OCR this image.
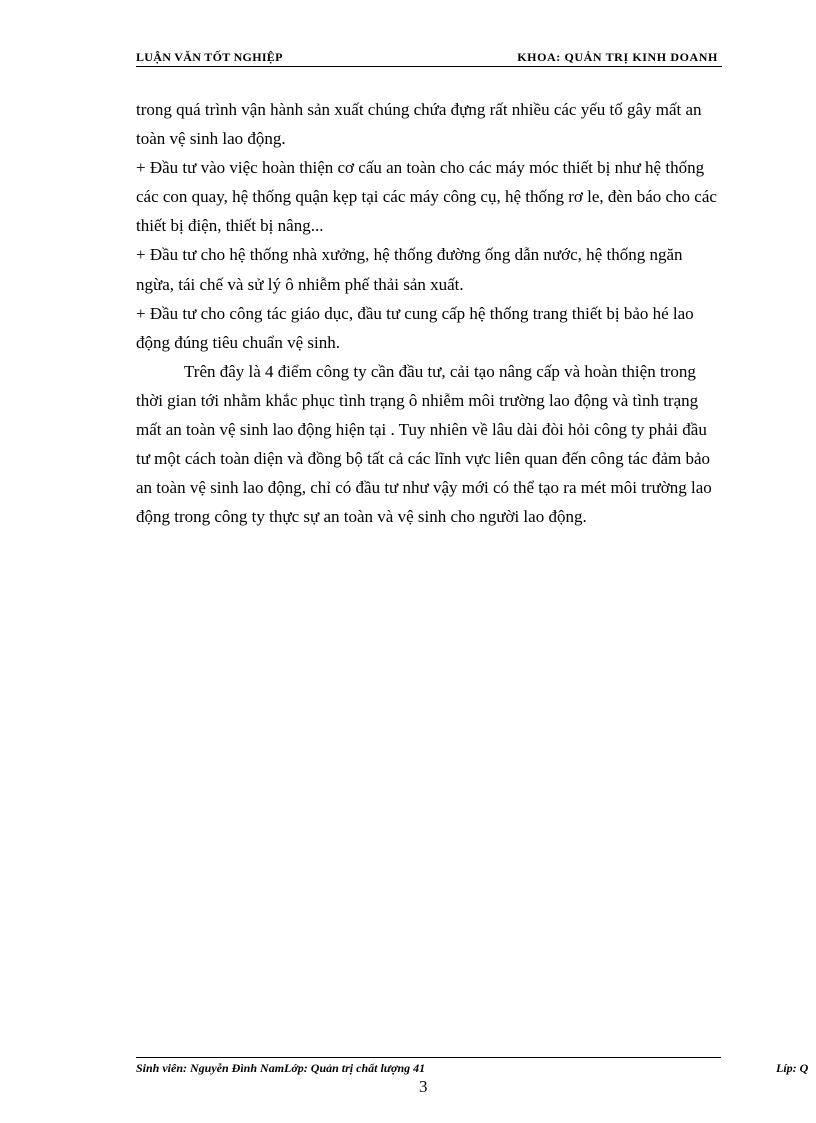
LUẬN VĂN TỐT NGHIỆP	KHOA: QUẢN TRỊ KINH DOANH

trong quá trình vận hành sản xuất chúng chứa đựng rất nhiều các yếu tố gây mất an toàn vệ sinh lao động.

+ Đầu tư vào việc hoàn thiện cơ cấu an toàn cho các máy móc thiết bị như hệ thống các con quay, hệ thống quận kẹp tại các máy công cụ, hệ thống rơ le, đèn báo cho các thiết bị điện, thiết bị nâng...

+ Đầu tư cho hệ thống nhà xưởng, hệ thống đường ống dẫn nước, hệ thống ngăn ngừa, tái chế và sử lý ô nhiễm phế thải sản xuất.

+ Đầu tư cho công tác giáo dục, đầu tư cung cấp hệ thống trang thiết bị bảo hé lao động đúng tiêu chuẩn vệ sinh.

Trên đây là 4 điểm công ty cần đầu tư, cải tạo nâng cấp và hoàn thiện trong thời gian tới nhằm khắc phục tình trạng ô nhiễm môi trường lao động và tình trạng mất an toàn vệ sinh lao động hiện tại . Tuy nhiên về lâu dài đòi hỏi công ty phải đầu tư một cách toàn diện và đồng bộ tất cả các lĩnh vực liên quan đến công tác đảm bảo an toàn vệ sinh lao động, chỉ có đầu tư như vậy mới có thể tạo ra mét môi trường lao động trong công ty thực sự an toàn và vệ sinh cho người lao động.

Sinh viên: Nguyễn Đình NamLớp: Quản trị chất lượng 41	Líp: Q
3
